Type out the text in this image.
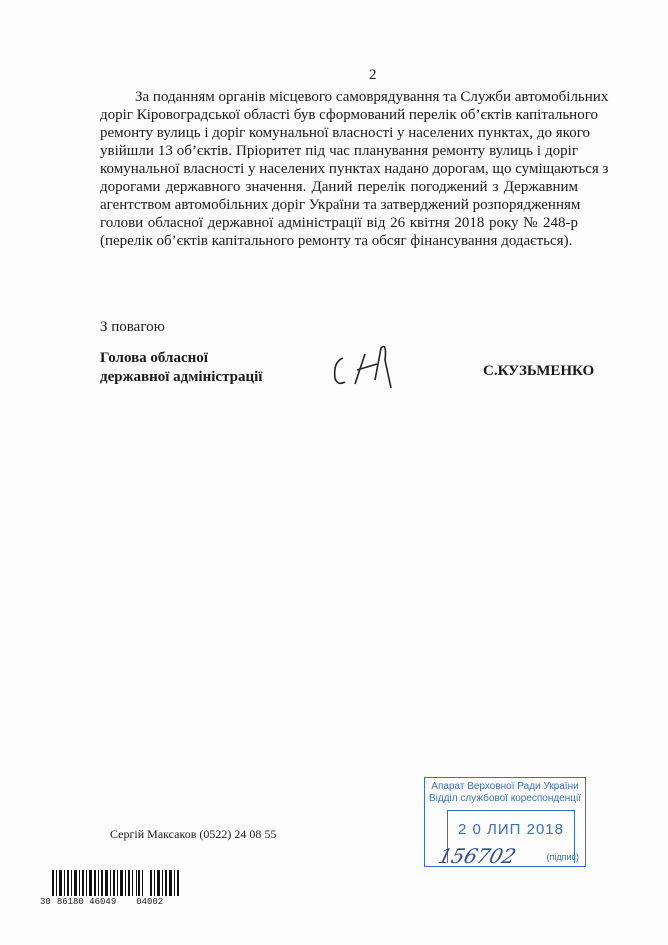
2
За поданням органів місцевого самоврядування та Служби автомобільних
доріг Кіровоградської області був сформований перелік об’єктів капітального
ремонту вулиць і доріг комунальної власності у населених пунктах, до якого
увійшли 13 об’єктів. Пріоритет під час планування ремонту вулиць і доріг
комунальної власності у населених пунктах надано дорогам, що суміщаються з
дорогами державного значення. Даний перелік погоджений з Державним
агентством автомобільних доріг України та затверджений розпорядженням
голови обласної державної адміністрації від 26 квітня 2018 року № 248-р
(перелік об’єктів капітального ремонту та обсяг фінансування додається).
З повагою
Голова обласної
державної адміністрації	С.КУЗЬМЕНКО
Сергій Максаков (0522) 24 08 55
Апарат Верховної Ради України
Відділ службової кореспонденції
2 0 ЛИП 2018
156702	(підпис)
30 86180 46049 04002
